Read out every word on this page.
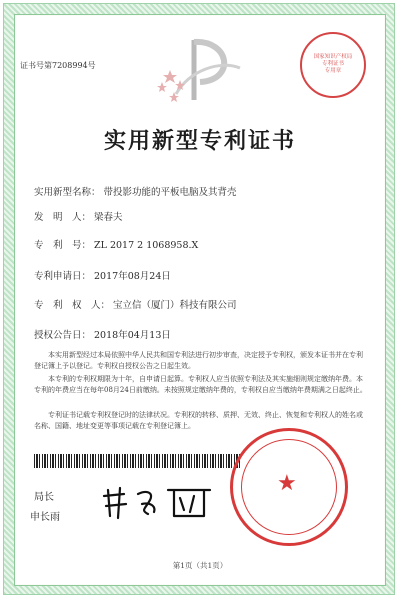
证书号第7208994号
国家知识产权局
专利证书
专用章
实用新型专利证书
实用新型名称： 带投影功能的平板电脑及其背壳
发　明　人： 梁春夫
专　利　号： ZL 2017 2 1068958.X
专利申请日： 2017年08月24日
专　利　权　人： 宝立信（厦门）科技有限公司
授权公告日： 2018年04月13日
本实用新型经过本局依照中华人民共和国专利法进行初步审查，决定授予专利权，颁发本证书并在专利登记簿上予以登记。专利权自授权公告之日起生效。
本专利的专利权期限为十年，自申请日起算。专利权人应当依照专利法及其实施细则规定缴纳年费。本专利的年费应当在每年08月24日前缴纳。未按照规定缴纳年费的，专利权自应当缴纳年费期满之日起终止。
专利证书记载专利权登记时的法律状况。专利权的转移、质押、无效、终止、恢复和专利权人的姓名或名称、国籍、地址变更等事项记载在专利登记簿上。
局长
申长雨
★
第1页（共1页）
